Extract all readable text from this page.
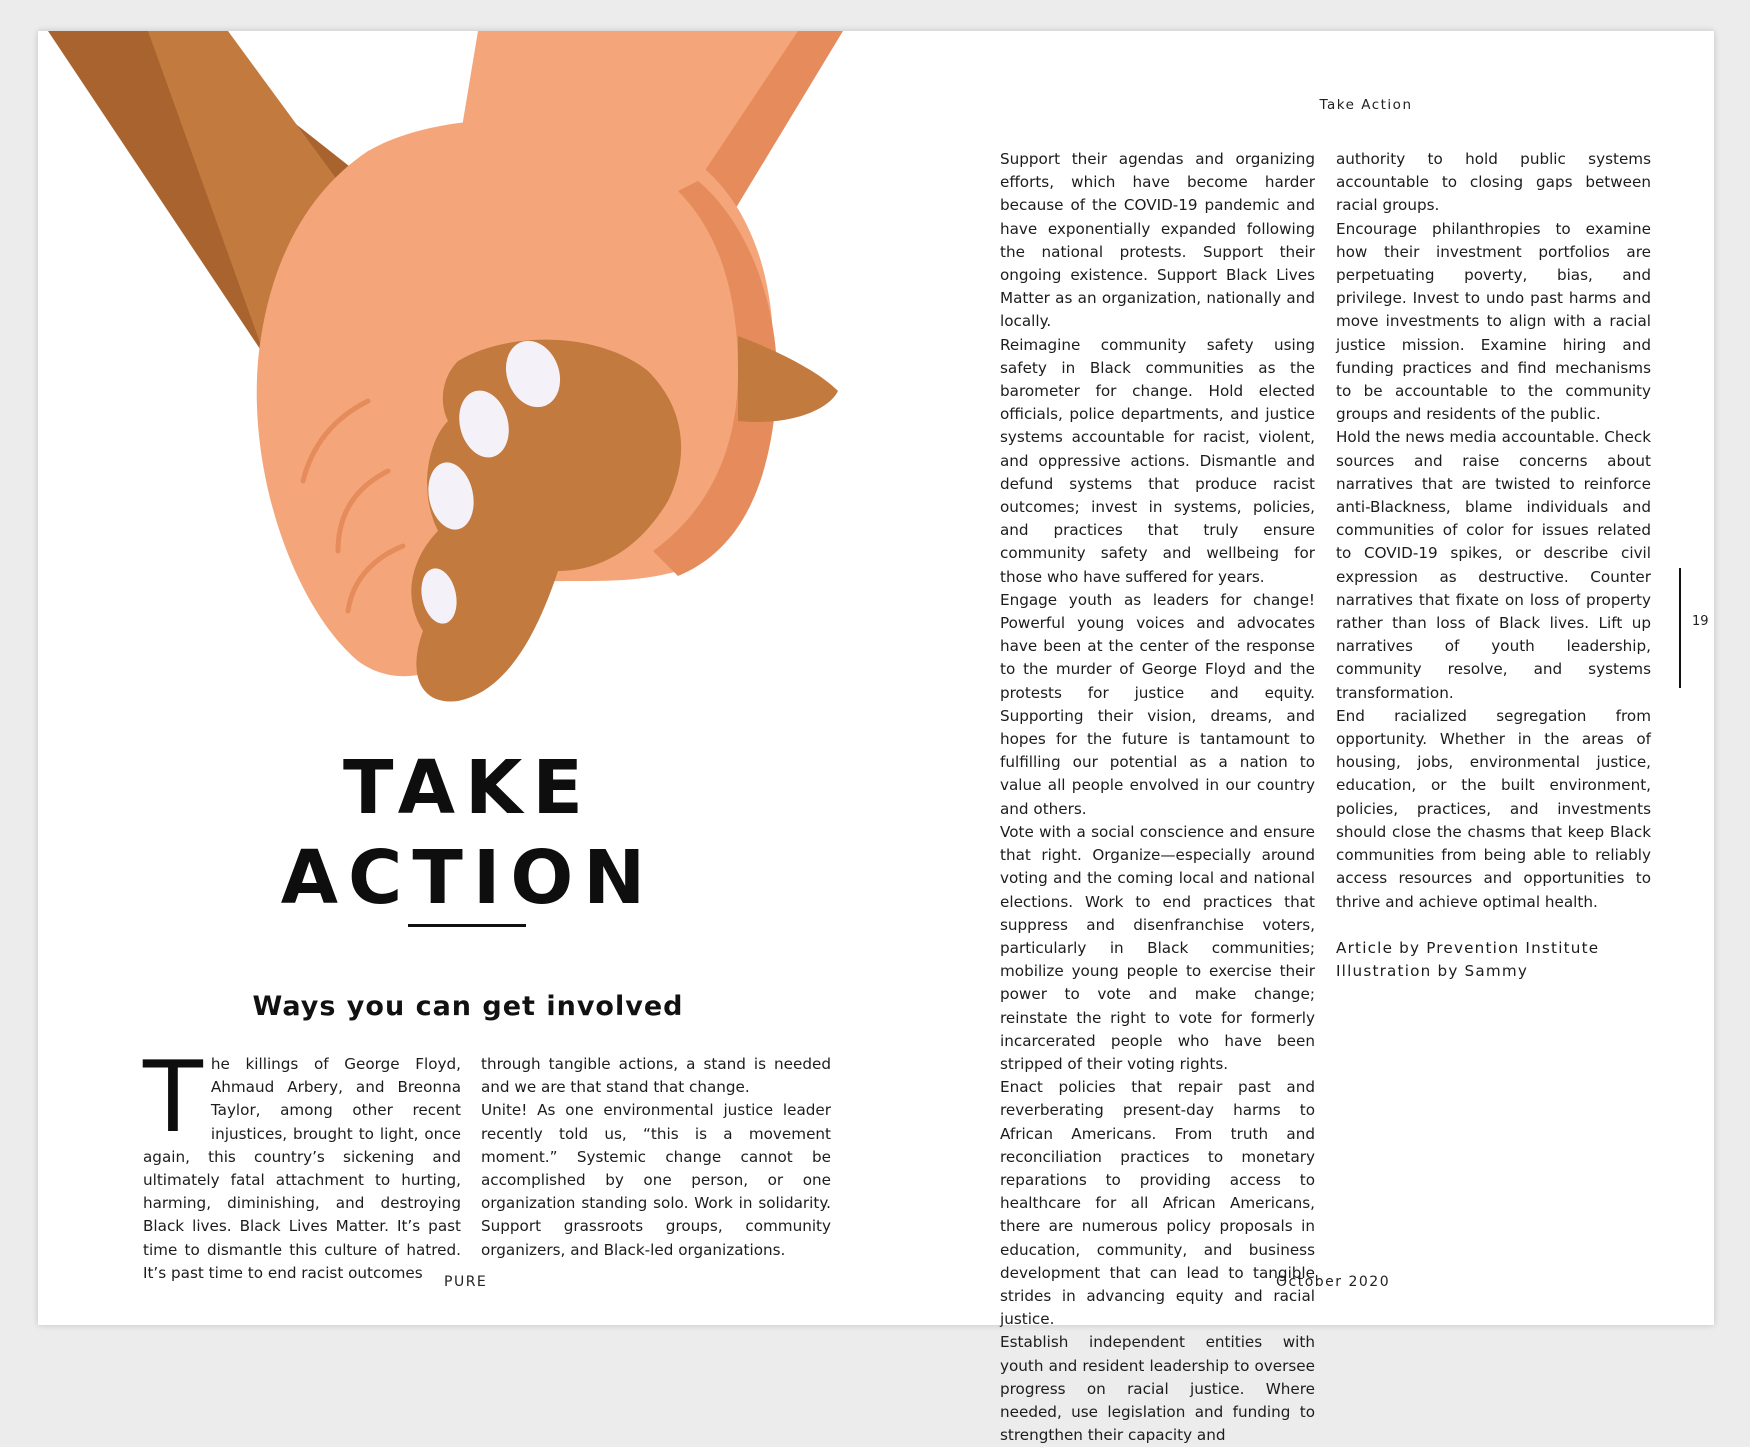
TAKE
ACTION
Ways you can get involved

The killings of George Floyd, Ahmaud Arbery, and Breonna Taylor, among other recent injustices, brought to light, once again, this country’s sickening and ultimately fatal attachment to hurting, harming, diminishing, and destroying Black lives. Black Lives Matter. It’s past time to dismantle this culture of hatred. It’s past time to end racist outcomes

through tangible actions, a stand is needed and we are that stand that change.

Unite! As one environmental justice leader recently told us, “this is a movement moment.” Systemic change cannot be accomplished by one person, or one organization standing solo. Work in solidarity. Support grassroots groups, community organizers, and Black-led organizations.

PURE
Take Action

Support their agendas and organizing efforts, which have become harder because of the COVID-19 pandemic and have exponentially expanded following the national protests. Support their ongoing existence. Support Black Lives Matter as an organization, nationally and locally.

Reimagine community safety using safety in Black communities as the barometer for change. Hold elected officials, police departments, and justice systems accountable for racist, violent, and oppressive actions. Dismantle and defund systems that produce racist outcomes; invest in systems, policies, and practices that truly ensure community safety and wellbeing for those who have suffered for years.

Engage youth as leaders for change! Powerful young voices and advocates have been at the center of the response to the murder of George Floyd and the protests for justice and equity. Supporting their vision, dreams, and hopes for the future is tantamount to fulfilling our potential as a nation to value all people envolved in our country and others.

Vote with a social conscience and ensure that right. Organize—especially around voting and the coming local and national elections. Work to end practices that suppress and disenfranchise voters, particularly in Black communities; mobilize young people to exercise their power to vote and make change; reinstate the right to vote for formerly incarcerated people who have been stripped of their voting rights.

Enact policies that repair past and reverberating present-day harms to African Americans. From truth and reconciliation practices to monetary reparations to providing access to healthcare for all African Americans, there are numerous policy proposals in education, community, and business development that can lead to tangible strides in advancing equity and racial justice.

Establish independent entities with youth and resident leadership to oversee progress on racial justice. Where needed, use legislation and funding to strengthen their capacity and

authority to hold public systems accountable to closing gaps between racial groups.

Encourage philanthropies to examine how their investment portfolios are perpetuating poverty, bias, and privilege. Invest to undo past harms and move investments to align with a racial justice mission. Examine hiring and funding practices and find mechanisms to be accountable to the community groups and residents of the public.

Hold the news media accountable. Check sources and raise concerns about narratives that are twisted to reinforce anti-Blackness, blame individuals and communities of color for issues related to COVID-19 spikes, or describe civil expression as destructive. Counter narratives that fixate on loss of property rather than loss of Black lives. Lift up narratives of youth leadership, community resolve, and systems transformation.

End racialized segregation from opportunity. Whether in the areas of housing, jobs, environmental justice, education, or the built environment, policies, practices, and investments should close the chasms that keep Black communities from being able to reliably access resources and opportunities to thrive and achieve optimal health.

Article by Prevention Institute
Illustration by Sammy
19
October 2020
